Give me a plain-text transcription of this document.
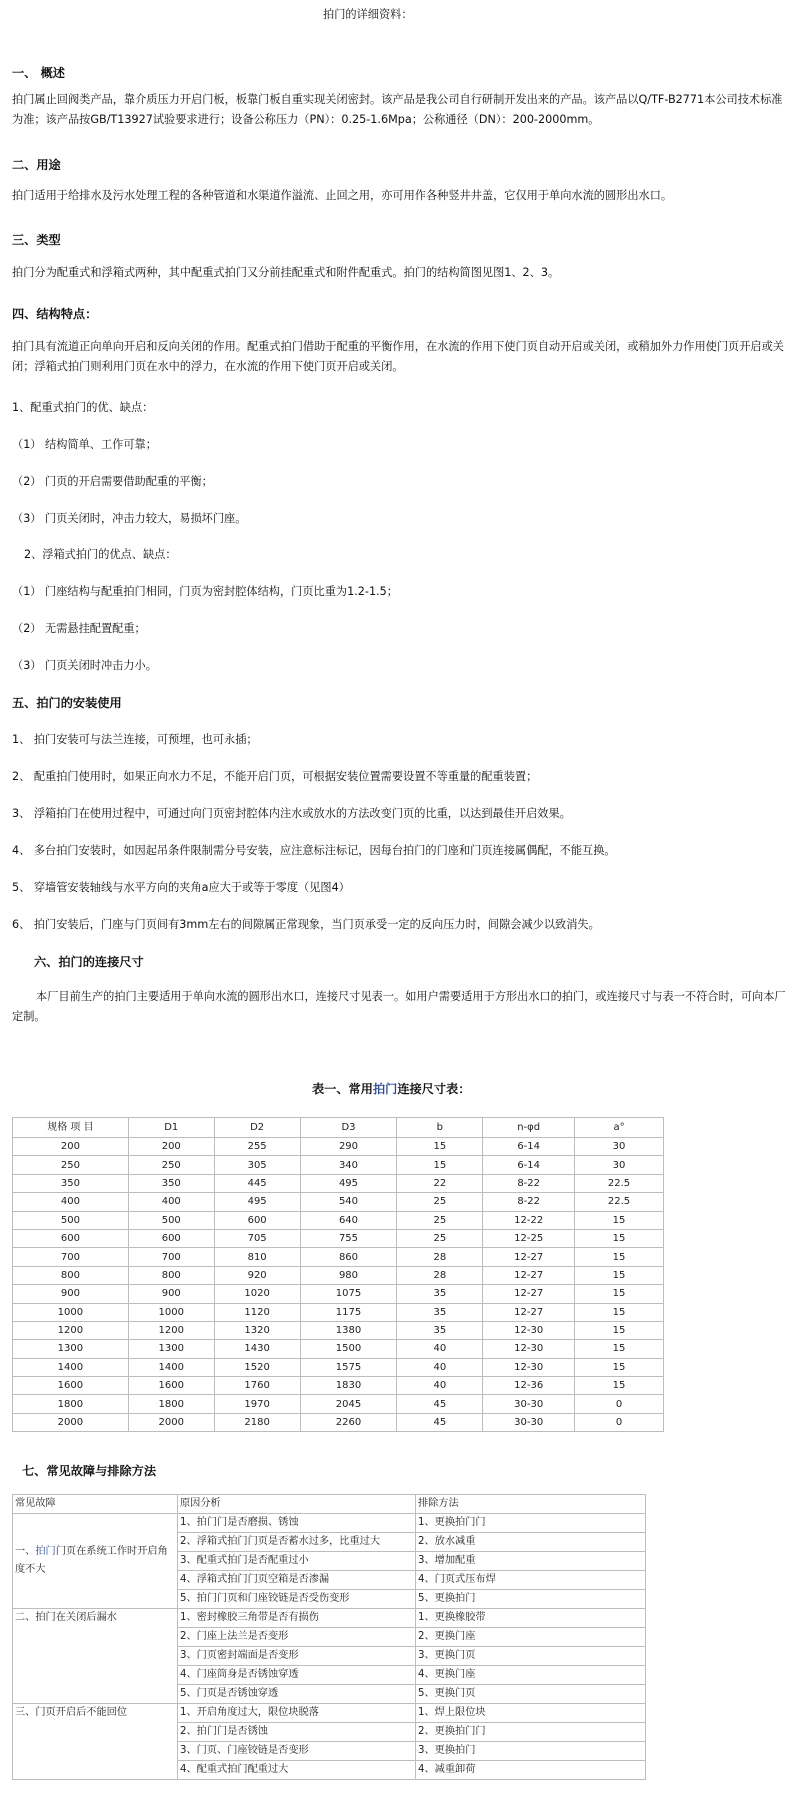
拍门的详细资料：
一、 概述
拍门属止回阀类产品，靠介质压力开启门板，板靠门板自重实现关闭密封。该产品是我公司自行研制开发出来的产品。该产品以Q/TF-B2771本公司技术标准为准；该产品按GB/T13927试验要求进行；设备公称压力（PN）：0.25-1.6Mpa；公称通径（DN）：200-2000mm。
二、用途
拍门适用于给排水及污水处理工程的各种管道和水渠道作溢流、止回之用，亦可用作各种竖井井盖，它仅用于单向水流的圆形出水口。
三、类型
拍门分为配重式和浮箱式两种，其中配重式拍门又分前挂配重式和附件配重式。拍门的结构简图见图1、2、3。
四、结构特点：
拍门具有流道正向单向开启和反向关闭的作用。配重式拍门借助于配重的平衡作用，在水流的作用下使门页自动开启或关闭，或稍加外力作用使门页开启或关闭；浮箱式拍门则利用门页在水中的浮力，在水流的作用下使门页开启或关闭。
1、配重式拍门的优、缺点：
（1） 结构简单、工作可靠；
（2） 门页的开启需要借助配重的平衡；
（3） 门页关闭时，冲击力较大，易损坏门座。
2、浮箱式拍门的优点、缺点：
（1） 门座结构与配重拍门相同，门页为密封腔体结构，门页比重为1.2-1.5；
（2） 无需悬挂配置配重；
（3） 门页关闭时冲击力小。
五、拍门的安装使用
1、 拍门安装可与法兰连接，可预埋，也可永插；
2、 配重拍门使用时，如果正向水力不足，不能开启门页，可根据安装位置需要设置不等重量的配重装置；
3、 浮箱拍门在使用过程中，可通过向门页密封腔体内注水或放水的方法改变门页的比重，以达到最佳开启效果。
4、 多台拍门安装时，如因起吊条件限制需分号安装，应注意标注标记，因每台拍门的门座和门页连接属偶配，不能互换。
5、 穿墙管安装轴线与水平方向的夹角a应大于或等于零度（见图4）
6、 拍门安装后，门座与门页间有3mm左右的间隙属正常现象，当门页承受一定的反向压力时，间隙会减少以致消失。
六、拍门的连接尺寸
本厂目前生产的拍门主要适用于单向水流的圆形出水口，连接尺寸见表一。如用户需要适用于方形出水口的拍门，或连接尺寸与表一不符合时，可向本厂定制。
表一、常用拍门连接尺寸表：
规格 项 目	D1	D2	D3	b	n-φd	a°
200	200	255	290	15	6-14	30
250	250	305	340	15	6-14	30
350	350	445	495	22	8-22	22.5
400	400	495	540	25	8-22	22.5
500	500	600	640	25	12-22	15
600	600	705	755	25	12-25	15
700	700	810	860	28	12-27	15
800	800	920	980	28	12-27	15
900	900	1020	1075	35	12-27	15
1000	1000	1120	1175	35	12-27	15
1200	1200	1320	1380	35	12-30	15
1300	1300	1430	1500	40	12-30	15
1400	1400	1520	1575	40	12-30	15
1600	1600	1760	1830	40	12-36	15
1800	1800	1970	2045	45	30-30	0
2000	2000	2180	2260	45	30-30	0
七、常见故障与排除方法
常见故障	原因分析	排除方法
一、拍门门页在系统工作时开启角度不大	1、拍门门是否磨损、锈蚀	1、更换拍门门
	2、浮箱式拍门门页是否蓄水过多，比重过大	2、放水减重
	3、配重式拍门是否配重过小	3、增加配重
	4、浮箱式拍门门页空箱是否渗漏	4、门页式压布焊
	5、拍门门页和门座铰链是否受伤变形	5、更换拍门
二、拍门在关闭后漏水	1、密封橡胶三角带是否有损伤	1、更换橡胶带
	2、门座上法兰是否变形	2、更换门座
	3、门页密封端面是否变形	3、更换门页
	4、门座筒身是否锈蚀穿透	4、更换门座
	5、门页是否锈蚀穿透	5、更换门页
三、门页开启后不能回位	1、开启角度过大，限位块脱落	1、焊上限位块
	2、拍门门是否锈蚀	2、更换拍门门
	3、门页、门座铰链是否变形	3、更换拍门
	4、配重式拍门配重过大	4、减重卸荷
